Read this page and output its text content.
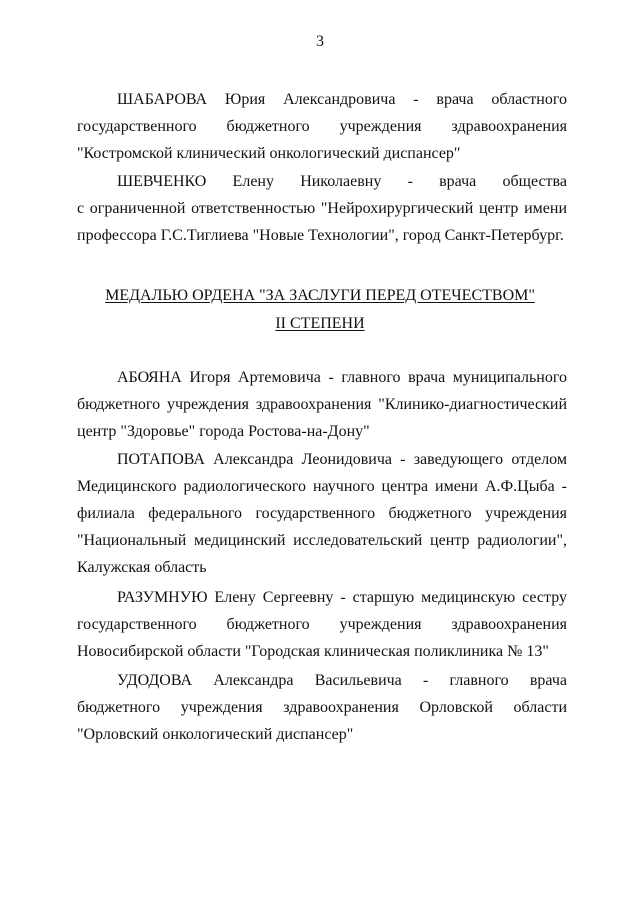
3
ШАБАРОВА Юрия Александровича - врача областного
государственного бюджетного учреждения здравоохранения
"Костромской клинический онкологический диспансер"
ШЕВЧЕНКО Елену Николаевну - врача общества
с ограниченной ответственностью "Нейрохирургический центр имени
профессора Г.С.Тиглиева "Новые Технологии", город Санкт-Петербург.
МЕДАЛЬЮ ОРДЕНА "ЗА ЗАСЛУГИ ПЕРЕД ОТЕЧЕСТВОМ"
II СТЕПЕНИ
АБОЯНА Игоря Артемовича - главного врача муниципального
бюджетного учреждения здравоохранения "Клинико-диагностический
центр "Здоровье" города Ростова-на-Дону"
ПОТАПОВА Александра Леонидовича - заведующего отделом
Медицинского радиологического научного центра имени А.Ф.Цыба -
филиала федерального государственного бюджетного учреждения
"Национальный медицинский исследовательский центр радиологии",
Калужская область
РАЗУМНУЮ Елену Сергеевну - старшую медицинскую сестру
государственного бюджетного учреждения здравоохранения
Новосибирской области "Городская клиническая поликлиника № 13"
УДОДОВА Александра Васильевича - главного врача
бюджетного учреждения здравоохранения Орловской области
"Орловский онкологический диспансер"
